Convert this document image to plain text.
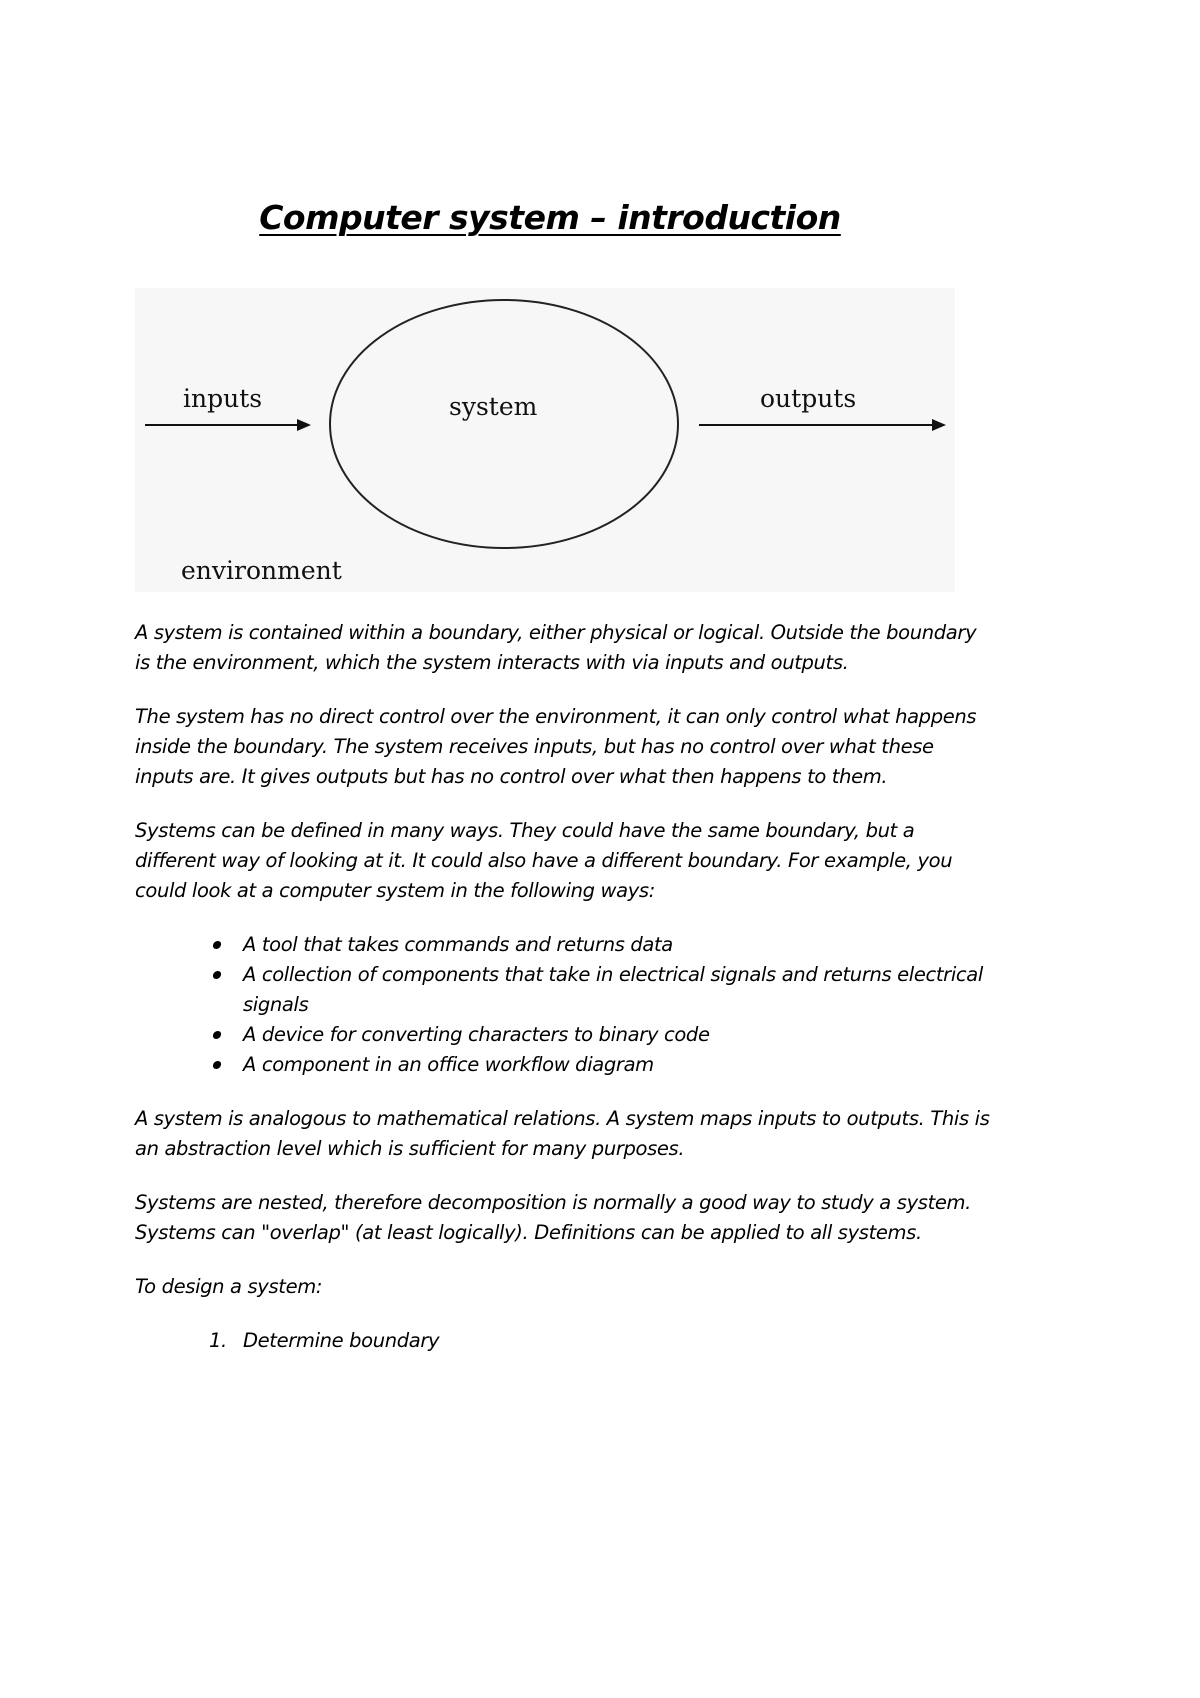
Computer system – introduction
inputs	system	outputs
environment

A system is contained within a boundary, either physical or logical. Outside the boundary is the environment, which the system interacts with via inputs and outputs.

The system has no direct control over the environment, it can only control what happens inside the boundary. The system receives inputs, but has no control over what these inputs are. It gives outputs but has no control over what then happens to them.

Systems can be defined in many ways. They could have the same boundary, but a different way of looking at it. It could also have a different boundary. For example, you could look at a computer system in the following ways:

A tool that takes commands and returns data
A collection of components that take in electrical signals and returns electrical signals
A device for converting characters to binary code
A component in an office workflow diagram

A system is analogous to mathematical relations. A system maps inputs to outputs. This is an abstraction level which is sufficient for many purposes.

Systems are nested, therefore decomposition is normally a good way to study a system. Systems can "overlap" (at least logically). Definitions can be applied to all systems.

To design a system:

1. Determine boundary
